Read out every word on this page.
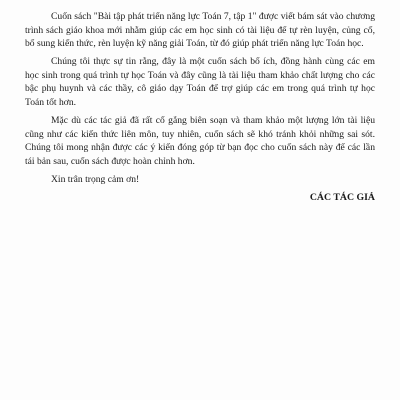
Cuốn sách "Bài tập phát triển năng lực Toán 7, tập 1" được viết bám sát vào chương trình sách giáo khoa mới nhằm giúp các em học sinh có tài liệu để tự rèn luyện, củng cố, bổ sung kiến thức, rèn luyện kỹ năng giải Toán, từ đó giúp phát triển năng lực Toán học.

Chúng tôi thực sự tin rằng, đây là một cuốn sách bổ ích, đồng hành cùng các em học sinh trong quá trình tự học Toán và đây cũng là tài liệu tham khảo chất lượng cho các bậc phụ huynh và các thầy, cô giáo dạy Toán để trợ giúp các em trong quá trình tự học Toán tốt hơn.

Mặc dù các tác giả đã rất cố gắng biên soạn và tham khảo một lượng lớn tài liệu cũng như các kiến thức liên môn, tuy nhiên, cuốn sách sẽ khó tránh khỏi những sai sót. Chúng tôi mong nhận được các ý kiến đóng góp từ bạn đọc cho cuốn sách này để các lần tái bản sau, cuốn sách được hoàn chỉnh hơn.

Xin trân trọng cảm ơn!

CÁC TÁC GIẢ
